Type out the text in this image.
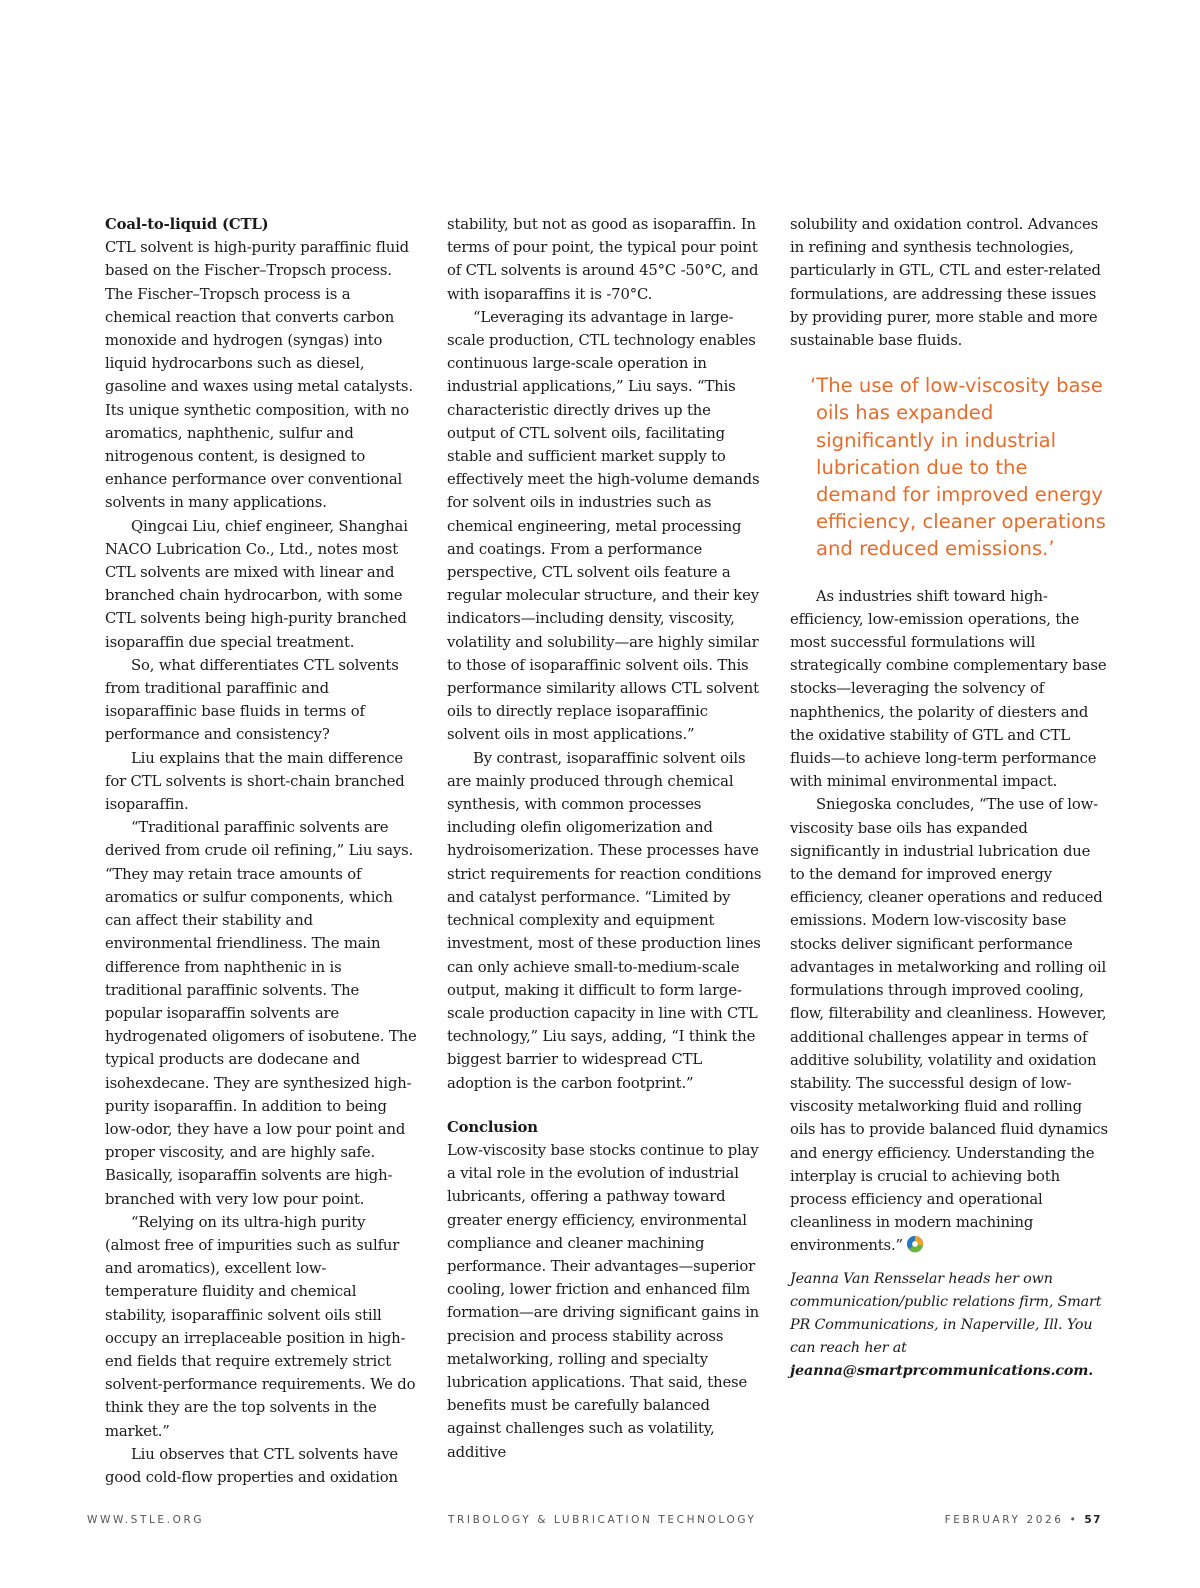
Coal-to-liquid (CTL)

CTL solvent is high-purity paraffinic fluid based on the Fischer–Tropsch process. The Fischer–Tropsch process is a chemical reaction that converts carbon monoxide and hydrogen (syngas) into liquid hydrocarbons such as diesel, gasoline and waxes using metal catalysts. Its unique synthetic composition, with no aromatics, naphthenic, sulfur and nitrogenous content, is designed to enhance performance over conventional solvents in many applications.

Qingcai Liu, chief engineer, Shanghai NACO Lubrication Co., Ltd., notes most CTL solvents are mixed with linear and branched chain hydrocarbon, with some CTL solvents being high-purity branched isoparaffin due special treatment.

So, what differentiates CTL solvents from traditional paraffinic and isoparaffinic base fluids in terms of performance and consistency?

Liu explains that the main difference for CTL solvents is short-chain branched isoparaffin.

“Traditional paraffinic solvents are derived from crude oil refining,” Liu says. “They may retain trace amounts of aromatics or sulfur components, which can affect their stability and environmental friendliness. The main difference from naphthenic in is traditional paraffinic solvents. The popular isoparaffin solvents are hydrogenated oligomers of isobutene. The typical products are dodecane and isohexdecane. They are synthesized high-purity isoparaffin. In addition to being low-odor, they have a low pour point and proper viscosity, and are highly safe. Basically, isoparaffin solvents are high-branched with very low pour point.

“Relying on its ultra-high purity (almost free of impurities such as sulfur and aromatics), excellent low-temperature fluidity and chemical stability, isoparaffinic solvent oils still occupy an irreplaceable position in high-end fields that require extremely strict solvent-performance requirements. We do think they are the top solvents in the market.”

Liu observes that CTL solvents have good cold-flow properties and oxidation

stability, but not as good as isoparaffin. In terms of pour point, the typical pour point of CTL solvents is around 45°C -50°C, and with isoparaffins it is -70°C.

“Leveraging its advantage in large-scale production, CTL technology enables continuous large-scale operation in industrial applications,” Liu says. “This characteristic directly drives up the output of CTL solvent oils, facilitating stable and sufficient market supply to effectively meet the high-volume demands for solvent oils in industries such as chemical engineering, metal processing and coatings. From a performance perspective, CTL solvent oils feature a regular molecular structure, and their key indicators—including density, viscosity, volatility and solubility—are highly similar to those of isoparaffinic solvent oils. This performance similarity allows CTL solvent oils to directly replace isoparaffinic solvent oils in most applications.”

By contrast, isoparaffinic solvent oils are mainly produced through chemical synthesis, with common processes including olefin oligomerization and hydroisomerization. These processes have strict requirements for reaction conditions and catalyst performance. “Limited by technical complexity and equipment investment, most of these production lines can only achieve small-to-medium-scale output, making it difficult to form large-scale production capacity in line with CTL technology,” Liu says, adding, “I think the biggest barrier to widespread CTL adoption is the carbon footprint.”

Conclusion

Low-viscosity base stocks continue to play a vital role in the evolution of industrial lubricants, offering a pathway toward greater energy efficiency, environmental compliance and cleaner machining performance. Their advantages—superior cooling, lower friction and enhanced film formation—are driving significant gains in precision and process stability across metalworking, rolling and specialty lubrication applications. That said, these benefits must be carefully balanced against challenges such as volatility, additive

solubility and oxidation control. Advances in refining and synthesis technologies, particularly in GTL, CTL and ester-related formulations, are addressing these issues by providing purer, more stable and more sustainable base fluids.

‘The use of low-viscosity base oils has expanded significantly in industrial lubrication due to the demand for improved energy efficiency, cleaner operations and reduced emissions.’

As industries shift toward high-efficiency, low-emission operations, the most successful formulations will strategically combine complementary base stocks—leveraging the solvency of naphthenics, the polarity of diesters and the oxidative stability of GTL and CTL fluids—to achieve long-term performance with minimal environmental impact.

Sniegoska concludes, “The use of low-viscosity base oils has expanded significantly in industrial lubrication due to the demand for improved energy efficiency, cleaner operations and reduced emissions. Modern low-viscosity base stocks deliver significant performance advantages in metalworking and rolling oil formulations through improved cooling, flow, filterability and cleanliness. However, additional challenges appear in terms of additive solubility, volatility and oxidation stability. The successful design of low-viscosity metalworking fluid and rolling oils has to provide balanced fluid dynamics and energy efficiency. Understanding the interplay is crucial to achieving both process efficiency and operational cleanliness in modern machining environments.”

Jeanna Van Rensselar heads her own communication/public relations firm, Smart PR Communications, in Naperville, Ill. You can reach her at jeanna@smartprcommunications.com.

WWW.STLE.ORG	TRIBOLOGY & LUBRICATION TECHNOLOGY	FEBRUARY 2026 • 57
